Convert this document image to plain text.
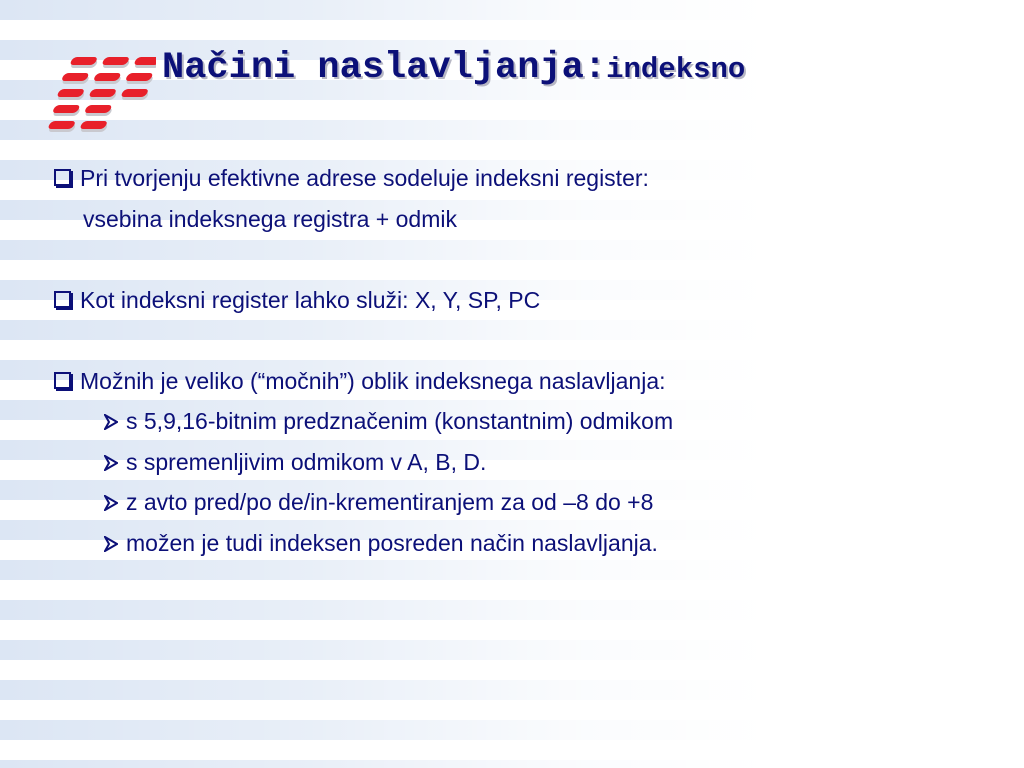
Načini naslavljanja:indeksno
Pri tvorjenju efektivne adrese sodeluje indeksni register:
vsebina indeksnega registra + odmik
Kot indeksni register lahko služi: X, Y, SP, PC
Možnih je veliko (“močnih”) oblik indeksnega naslavljanja:
s 5,9,16-bitnim predznačenim (konstantnim) odmikom
s spremenljivim odmikom v A, B, D.
z avto pred/po de/in-krementiranjem za od –8 do +8
možen je tudi indeksen posreden način naslavljanja.
